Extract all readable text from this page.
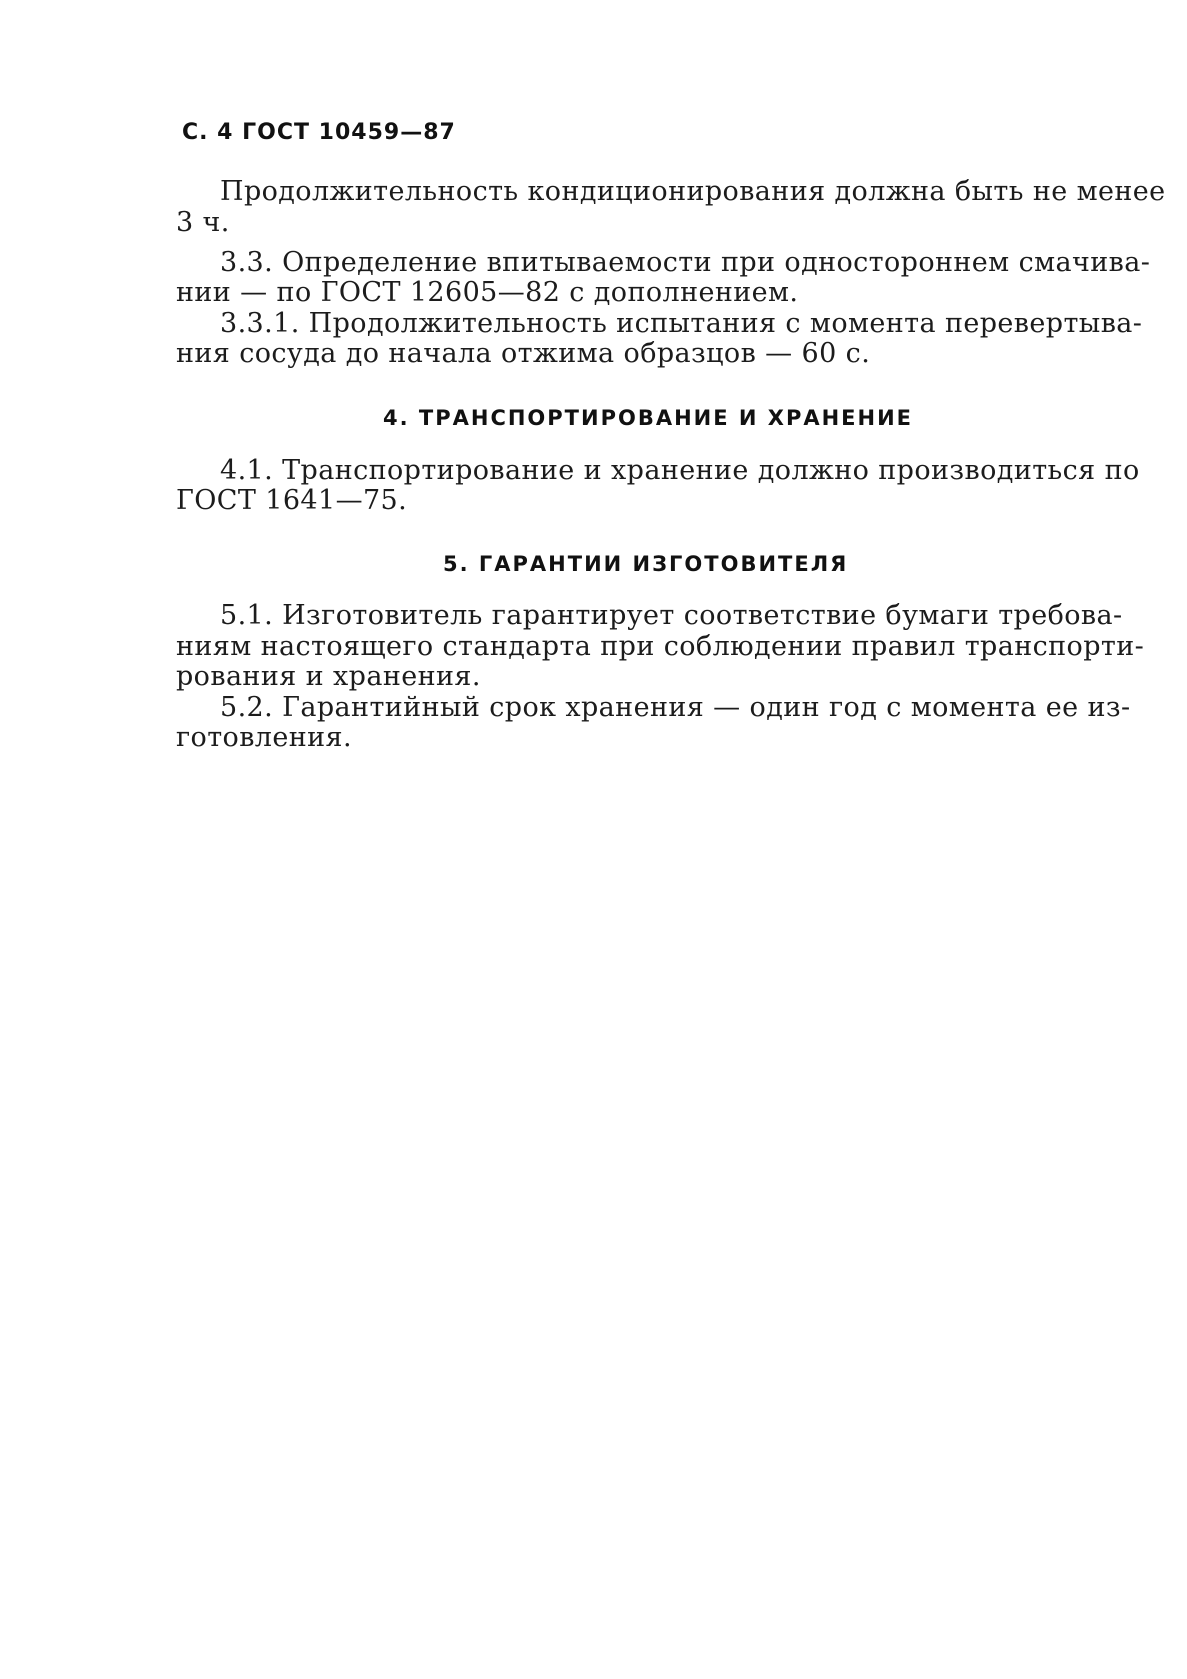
С. 4 ГОСТ 10459—87
Продолжительность кондиционирования должна быть не менее
3 ч.
3.3. Определение впитываемости при одностороннем смачива-
нии — по ГОСТ 12605—82 с дополнением.
3.3.1. Продолжительность испытания с момента перевертыва-
ния сосуда до начала отжима образцов — 60 с.
4. ТРАНСПОРТИРОВАНИЕ И ХРАНЕНИЕ
4.1. Транспортирование и хранение должно производиться по
ГОСТ 1641—75.
5. ГАРАНТИИ ИЗГОТОВИТЕЛЯ
5.1. Изготовитель гарантирует соответствие бумаги требова-
ниям настоящего стандарта при соблюдении правил транспорти-
рования и хранения.
5.2. Гарантийный срок хранения — один год с момента ее из-
готовления.
